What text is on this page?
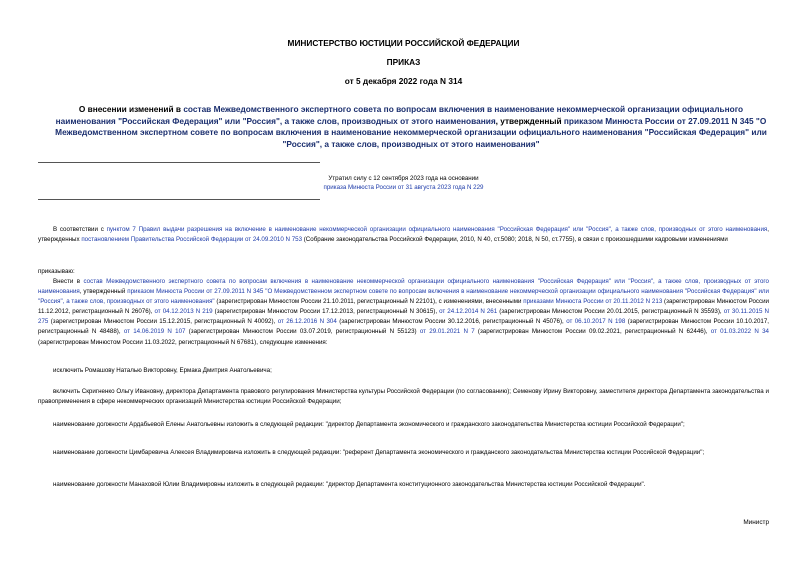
МИНИСТЕРСТВО ЮСТИЦИИ РОССИЙСКОЙ ФЕДЕРАЦИИ
ПРИКАЗ
от 5 декабря 2022 года N 314
О внесении изменений в состав Межведомственного экспертного совета по вопросам включения в наименование некоммерческой организации официального наименования "Российская Федерация" или "Россия", а также слов, производных от этого наименования, утвержденный приказом Минюста России от 27.09.2011 N 345 "О Межведомственном экспертном совете по вопросам включения в наименование некоммерческой организации официального наименования "Российская Федерация" или "Россия", а также слов, производных от этого наименования"
Утратил силу с 12 сентября 2023 года на основании
приказа Минюста России от 31 августа 2023 года N 229
В соответствии с пунктом 7 Правил выдачи разрешения на включение в наименование некоммерческой организации официального наименования "Российская Федерация" или "Россия", а также слов, производных от этого наименования, утвержденных постановлением Правительства Российской Федерации от 24.09.2010 N 753 (Собрание законодательства Российской Федерации, 2010, N 40, ст.5080; 2018, N 50, ст.7755), в связи с произошедшими кадровыми изменениями
приказываю:
Внести в состав Межведомственного экспертного совета по вопросам включения в наименование некоммерческой организации официального наименования "Российская Федерация" или "Россия", а также слов, производных от этого наименования, утвержденный приказом Минюста России от 27.09.2011 N 345 "О Межведомственном экспертном совете по вопросам включения в наименование некоммерческой организации официального наименования "Российская Федерация" или "Россия", а также слов, производных от этого наименования" (зарегистрирован Минюстом России 21.10.2011, регистрационный N 22101), с изменениями, внесенными приказами Минюста России от 20.11.2012 N 213 (зарегистрирован Минюстом России 11.12.2012, регистрационный N 26076), от 04.12.2013 N 219 (зарегистрирован Минюстом России 17.12.2013, регистрационный N 30615), от 24.12.2014 N 261 (зарегистрирован Минюстом России 20.01.2015, регистрационный N 35593), от 30.11.2015 N 275 (зарегистрирован Минюстом России 15.12.2015, регистрационный N 40092), от 26.12.2016 N 304 (зарегистрирован Минюстом России 30.12.2016, регистрационный N 45076), от 06.10.2017 N 198 (зарегистрирован Минюстом России 10.10.2017, регистрационный N 48488), от 14.06.2019 N 107 (зарегистрирован Минюстом России 03.07.2019, регистрационный N 55123) от 29.01.2021 N 7 (зарегистрирован Минюстом России 09.02.2021, регистрационный N 62446), от 01.03.2022 N 34 (зарегистрирован Минюстом России 11.03.2022, регистрационный N 67681), следующие изменения:
исключить Ромашову Наталью Викторовну, Ермака Дмитрия Анатольевича;
включить Скригненко Ольгу Ивановну, директора Департамента правового регулирования Министерства культуры Российской Федерации (по согласованию); Семенову Ирину Викторовну, заместителя директора Департамента законодательства и правоприменения в сфере некоммерческих организаций Министерства юстиции Российской Федерации;
наименование должности Ардабьевой Елены Анатольевны изложить в следующей редакции: "директор Департамента экономического и гражданского законодательства Министерства юстиции Российской Федерации";
наименование должности Цимбаревича Алексея Владимировича изложить в следующей редакции: "референт Департамента экономического и гражданского законодательства Министерства юстиции Российской Федерации";
наименование должности Манаховой Юлии Владимировны изложить в следующей редакции: "директор Департамента конституционного законодательства Министерства юстиции Российской Федерации".
Министр
